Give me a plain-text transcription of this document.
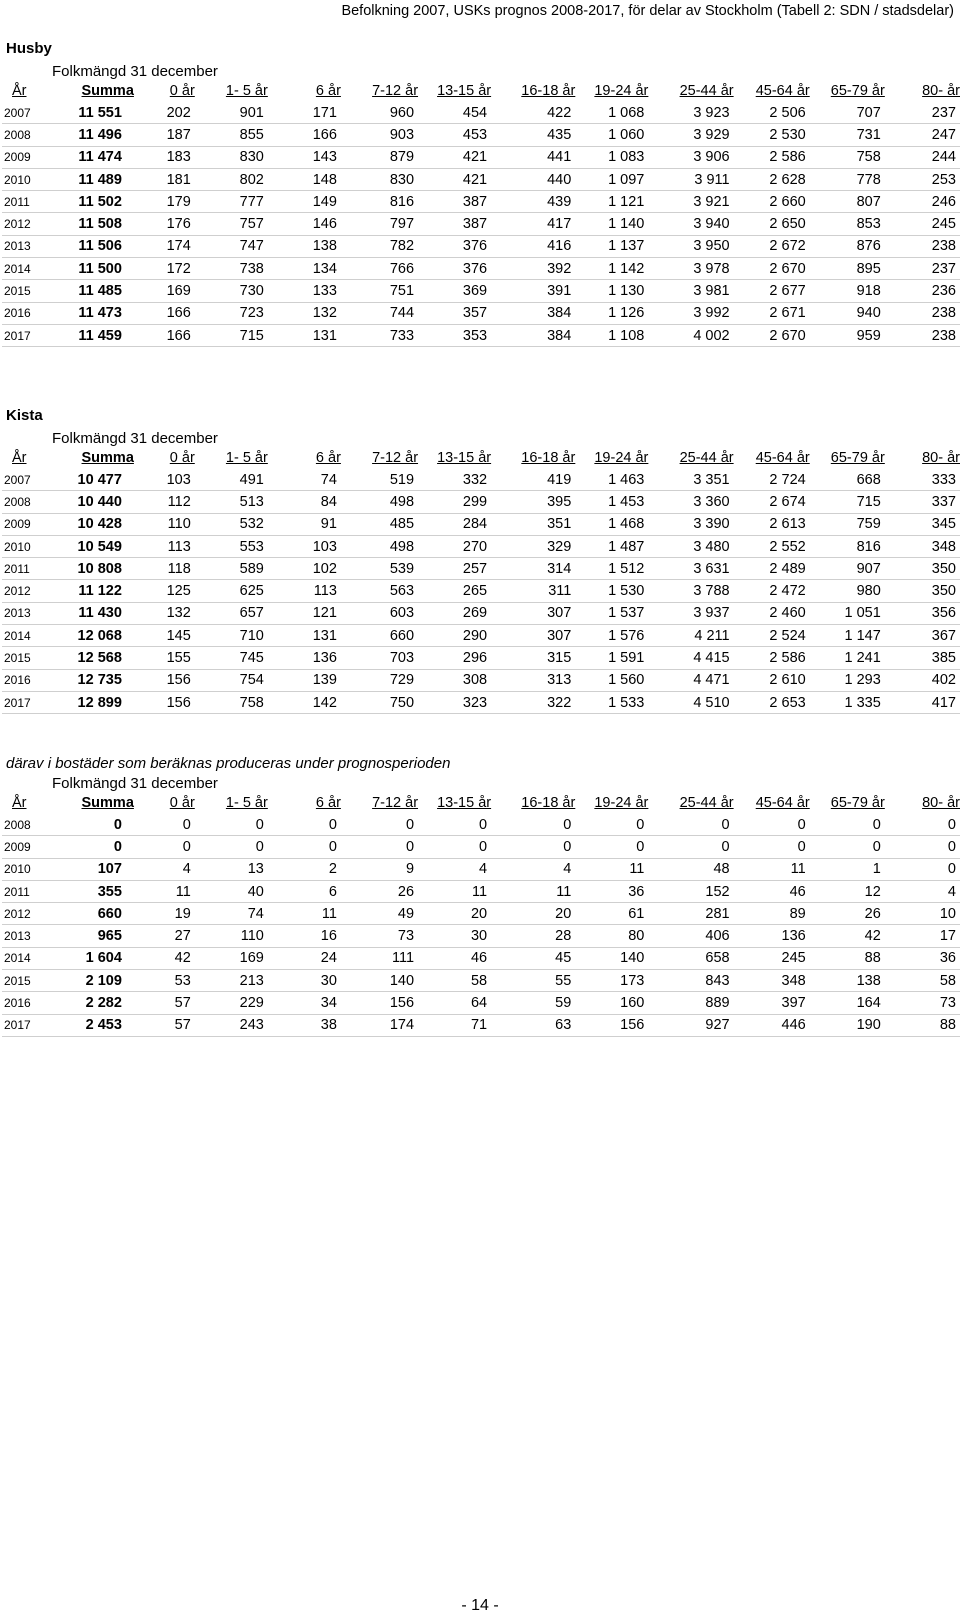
Befolkning 2007, USKs prognos 2008-2017, för delar av Stockholm (Tabell 2: SDN / stadsdelar)
Husby
Folkmängd 31 december
År	Summa	0 år	1- 5 år	6 år	7-12 år	13-15 år	16-18 år	19-24 år	25-44 år	45-64 år	65-79 år	80- år
2007	11 551	202	901	171	960	454	422	1 068	3 923	2 506	707	237
2008	11 496	187	855	166	903	453	435	1 060	3 929	2 530	731	247
2009	11 474	183	830	143	879	421	441	1 083	3 906	2 586	758	244
2010	11 489	181	802	148	830	421	440	1 097	3 911	2 628	778	253
2011	11 502	179	777	149	816	387	439	1 121	3 921	2 660	807	246
2012	11 508	176	757	146	797	387	417	1 140	3 940	2 650	853	245
2013	11 506	174	747	138	782	376	416	1 137	3 950	2 672	876	238
2014	11 500	172	738	134	766	376	392	1 142	3 978	2 670	895	237
2015	11 485	169	730	133	751	369	391	1 130	3 981	2 677	918	236
2016	11 473	166	723	132	744	357	384	1 126	3 992	2 671	940	238
2017	11 459	166	715	131	733	353	384	1 108	4 002	2 670	959	238
Kista
Folkmängd 31 december
År	Summa	0 år	1- 5 år	6 år	7-12 år	13-15 år	16-18 år	19-24 år	25-44 år	45-64 år	65-79 år	80- år
2007	10 477	103	491	74	519	332	419	1 463	3 351	2 724	668	333
2008	10 440	112	513	84	498	299	395	1 453	3 360	2 674	715	337
2009	10 428	110	532	91	485	284	351	1 468	3 390	2 613	759	345
2010	10 549	113	553	103	498	270	329	1 487	3 480	2 552	816	348
2011	10 808	118	589	102	539	257	314	1 512	3 631	2 489	907	350
2012	11 122	125	625	113	563	265	311	1 530	3 788	2 472	980	350
2013	11 430	132	657	121	603	269	307	1 537	3 937	2 460	1 051	356
2014	12 068	145	710	131	660	290	307	1 576	4 211	2 524	1 147	367
2015	12 568	155	745	136	703	296	315	1 591	4 415	2 586	1 241	385
2016	12 735	156	754	139	729	308	313	1 560	4 471	2 610	1 293	402
2017	12 899	156	758	142	750	323	322	1 533	4 510	2 653	1 335	417
därav i bostäder som beräknas produceras under prognosperioden
Folkmängd 31 december
År	Summa	0 år	1- 5 år	6 år	7-12 år	13-15 år	16-18 år	19-24 år	25-44 år	45-64 år	65-79 år	80- år
2008	0	0	0	0	0	0	0	0	0	0	0	0
2009	0	0	0	0	0	0	0	0	0	0	0	0
2010	107	4	13	2	9	4	4	11	48	11	1	0
2011	355	11	40	6	26	11	11	36	152	46	12	4
2012	660	19	74	11	49	20	20	61	281	89	26	10
2013	965	27	110	16	73	30	28	80	406	136	42	17
2014	1 604	42	169	24	111	46	45	140	658	245	88	36
2015	2 109	53	213	30	140	58	55	173	843	348	138	58
2016	2 282	57	229	34	156	64	59	160	889	397	164	73
2017	2 453	57	243	38	174	71	63	156	927	446	190	88
- 14 -
